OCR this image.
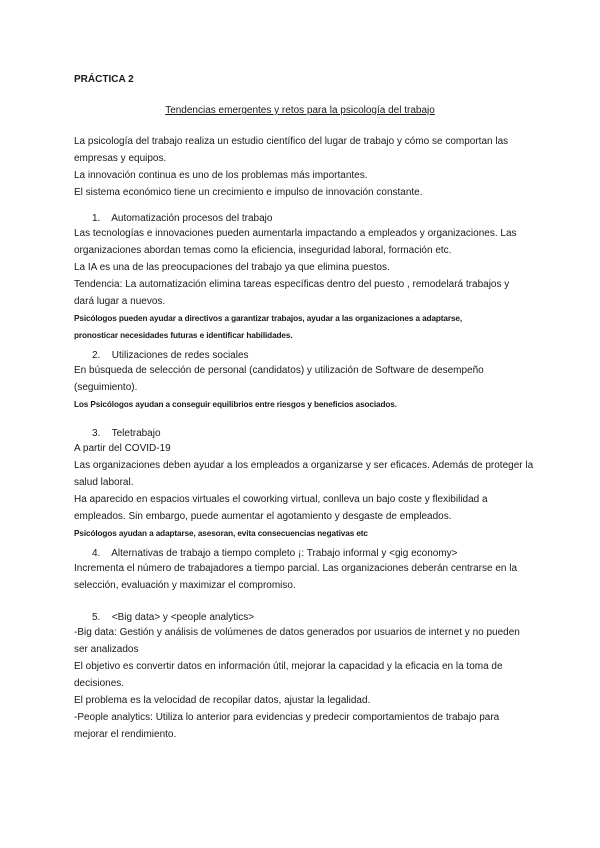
PRÁCTICA 2
Tendencias emergentes y retos para la psicología del trabajo

La psicología del trabajo realiza un estudio científico del lugar de trabajo y cómo se comportan las

empresas y equipos.

La innovación continua es uno de los problemas más importantes.

El sistema económico tiene un crecimiento e impulso de innovación constante.

1. Automatización procesos del trabajo

Las tecnologías e innovaciones pueden aumentarla impactando a empleados y organizaciones. Las

organizaciones abordan temas como la eficiencia, inseguridad laboral, formación etc.

La IA es una de las preocupaciones del trabajo ya que elimina puestos.

Tendencia: La automatización elimina tareas específicas dentro del puesto , remodelará trabajos y

dará lugar a nuevos.

Psicólogos pueden ayudar a directivos a garantizar trabajos, ayudar a las organizaciones a adaptarse,

pronosticar necesidades futuras e identificar habilidades.

2. Utilizaciones de redes sociales

En búsqueda de selección de personal (candidatos) y utilización de Software de desempeño

(seguimiento).

Los Psicólogos ayudan a conseguir equilibrios entre riesgos y beneficios asociados.

3. Teletrabajo

A partir del COVID-19

Las organizaciones deben ayudar a los empleados a organizarse y ser eficaces. Además de proteger la

salud laboral.

Ha aparecido en espacios virtuales el coworking virtual, conlleva un bajo coste y flexibilidad a

empleados. Sin embargo, puede aumentar el agotamiento y desgaste de empleados.

Psicólogos ayudan a adaptarse, asesoran, evita consecuencias negativas etc

4. Alternativas de trabajo a tiempo completo ¡: Trabajo informal y <gig economy>

Incrementa el número de trabajadores a tiempo parcial. Las organizaciones deberán centrarse en la

selección, evaluación y maximizar el compromiso.

5. <Big data> y <people analytics>

-Big data: Gestión y análisis de volúmenes de datos generados por usuarios de internet y no pueden

ser analizados

El objetivo es convertir datos en información útil, mejorar la capacidad y la eficacia en la toma de

decisiones.

El problema es la velocidad de recopilar datos, ajustar la legalidad.

-People analytics: Utiliza lo anterior para evidencias y predecir comportamientos de trabajo para

mejorar el rendimiento.
